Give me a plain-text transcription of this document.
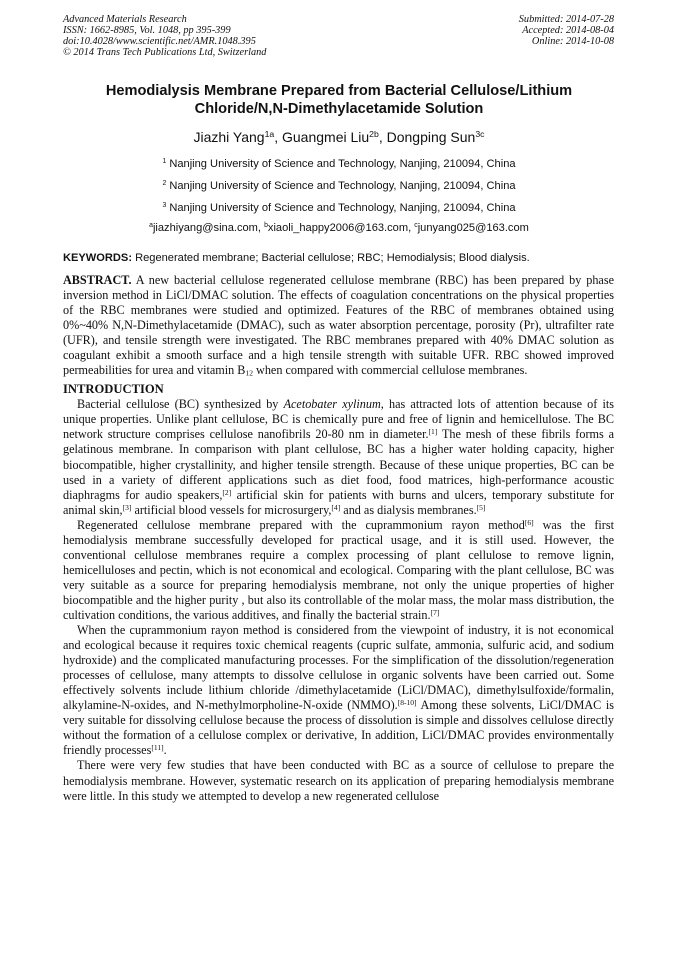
Advanced Materials Research
ISSN: 1662-8985, Vol. 1048, pp 395-399
doi:10.4028/www.scientific.net/AMR.1048.395
© 2014 Trans Tech Publications Ltd, Switzerland
Submitted: 2014-07-28
Accepted: 2014-08-04
Online: 2014-10-08
Hemodialysis Membrane Prepared from Bacterial Cellulose/Lithium
Chloride/N,N-Dimethylacetamide Solution
Jiazhi Yang$^{1a}$, Guangmei Liu$^{2b}$, Dongping Sun$^{3c}$
$^1$ Nanjing University of Science and Technology, Nanjing, 210094, China
$^2$ Nanjing University of Science and Technology, Nanjing, 210094, China
$^3$ Nanjing University of Science and Technology, Nanjing, 210094, China
$^a$jiazhiyang@sina.com, $^b$xiaoli_happy2006@163.com, $^c$junyang025@163.com
KEYWORDS: Regenerated membrane; Bacterial cellulose; RBC; Hemodialysis; Blood dialysis.

ABSTRACT. A new bacterial cellulose regenerated cellulose membrane (RBC) has been prepared by phase inversion method in LiCl/DMAC solution. The effects of coagulation concentrations on the physical properties of the RBC membranes were studied and optimized. Features of the RBC of membranes obtained using 0%~40% N,N-Dimethylacetamide (DMAC), such as water absorption percentage, porosity (Pr), ultrafilter rate (UFR), and tensile strength were investigated. The RBC membranes prepared with 40% DMAC solution as coagulant exhibit a smooth surface and a high tensile strength with suitable UFR. RBC showed improved permeabilities for urea and vitamin $B_{12}$ when compared with commercial cellulose membranes.

INTRODUCTION

Bacterial cellulose (BC) synthesized by Acetobater xylinum, has attracted lots of attention because of its unique properties. Unlike plant cellulose, BC is chemically pure and free of lignin and hemicellulose. The BC network structure comprises cellulose nanofibrils 20-80 nm in diameter.[1] The mesh of these fibrils forms a gelatinous membrane. In comparison with plant cellulose, BC has a higher water holding capacity, higher biocompatible, higher crystallinity, and higher tensile strength. Because of these unique properties, BC can be used in a variety of different applications such as diet food, food matrices, high-performance acoustic diaphragms for audio speakers,[2] artificial skin for patients with burns and ulcers, temporary substitute for animal skin,[3] artificial blood vessels for microsurgery,[4] and as dialysis membranes.[5]

Regenerated cellulose membrane prepared with the cuprammonium rayon method[6] was the first hemodialysis membrane successfully developed for practical usage, and it is still used. However, the conventional cellulose membranes require a complex processing of plant cellulose to remove lignin, hemicelluloses and pectin, which is not economical and ecological. Comparing with the plant cellulose, BC was very suitable as a source for preparing hemodialysis membrane, not only the unique properties of higher biocompatible and the higher purity , but also its controllable of the molar mass, the molar mass distribution, the cultivation conditions, the various additives, and finally the bacterial strain.[7]

When the cuprammonium rayon method is considered from the viewpoint of industry, it is not economical and ecological because it requires toxic chemical reagents (cupric sulfate, ammonia, sulfuric acid, and sodium hydroxide) and the complicated manufacturing processes. For the simplification of the dissolution/regeneration processes of cellulose, many attempts to dissolve cellulose in organic solvents have been carried out. Some effectively solvents include lithium chloride /dimethylacetamide (LiCl/DMAC), dimethylsulfoxide/formalin, alkylamine-N-oxides, and N-methylmorpholine-N-oxide (NMMO).[8-10] Among these solvents, LiCl/DMAC is very suitable for dissolving cellulose because the process of dissolution is simple and dissolves cellulose directly without the formation of a cellulose complex or derivative, In addition, LiCl/DMAC provides environmentally friendly processes[11].

There were very few studies that have been conducted with BC as a source of cellulose to prepare the hemodialysis membrane. However, systematic research on its application of preparing hemodialysis membrane were little. In this study we attempted to develop a new regenerated cellulose
